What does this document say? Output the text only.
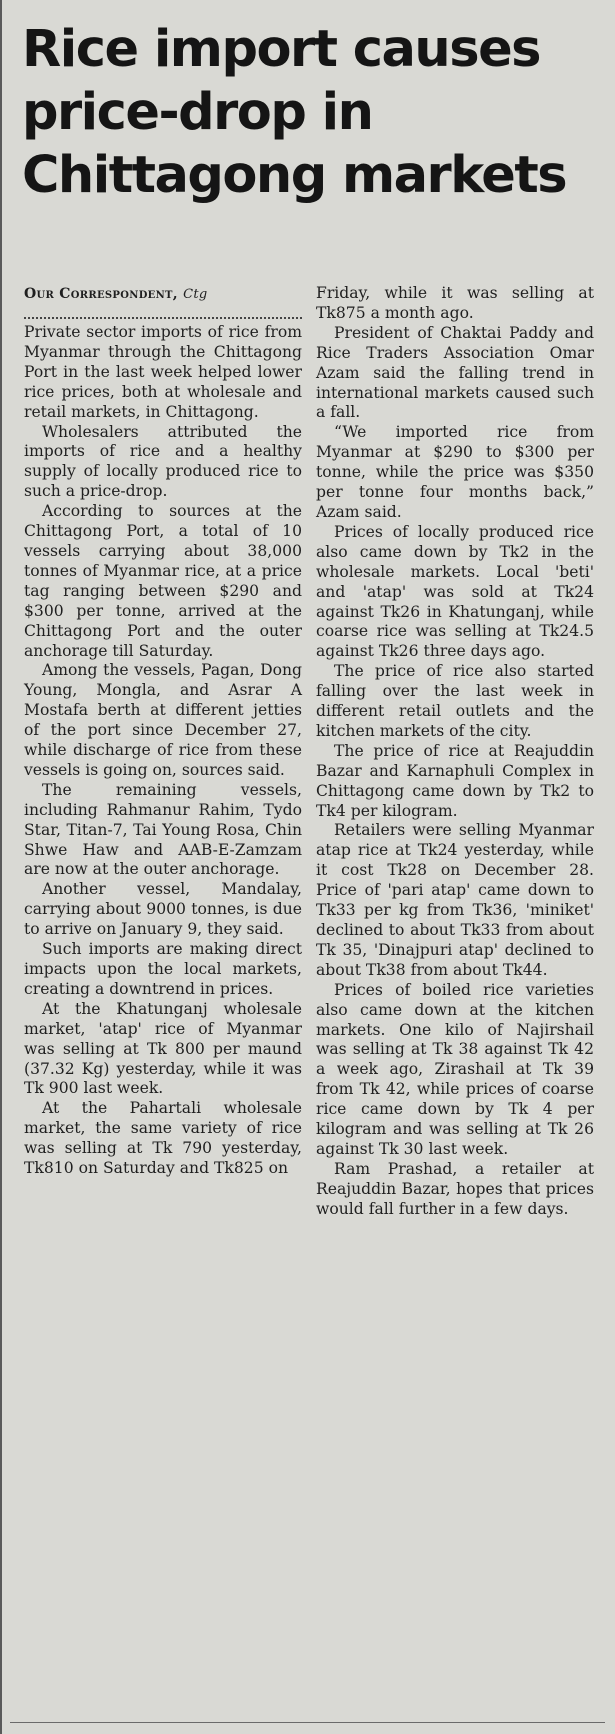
Rice import causes
price-drop in
Chittagong markets

Our Correspondent, Ctg

Private sector imports of rice from Myanmar through the Chittagong Port in the last week helped lower rice prices, both at wholesale and retail markets, in Chittagong.

Wholesalers attributed the imports of rice and a healthy supply of locally produced rice to such a price-drop.

According to sources at the Chittagong Port, a total of 10 vessels carrying about 38,000 tonnes of Myanmar rice, at a price tag ranging between $290 and $300 per tonne, arrived at the Chittagong Port and the outer anchorage till Saturday.

Among the vessels, Pagan, Dong Young, Mongla, and Asrar A Mostafa berth at different jetties of the port since December 27, while discharge of rice from these vessels is going on, sources said.

The remaining vessels, including Rahmanur Rahim, Tydo Star, Titan-7, Tai Young Rosa, Chin Shwe Haw and AAB-E-Zamzam are now at the outer anchorage.

Another vessel, Mandalay, carrying about 9000 tonnes, is due to arrive on January 9, they said.

Such imports are making direct impacts upon the local markets, creating a downtrend in prices.

At the Khatunganj wholesale market, 'atap' rice of Myanmar was selling at Tk 800 per maund (37.32 Kg) yesterday, while it was Tk 900 last week.

At the Pahartali wholesale market, the same variety of rice was selling at Tk 790 yesterday, Tk810 on Saturday and Tk825 on

Friday, while it was selling at Tk875 a month ago.

President of Chaktai Paddy and Rice Traders Association Omar Azam said the falling trend in international markets caused such a fall.

“We imported rice from Myanmar at $290 to $300 per tonne, while the price was $350 per tonne four months back,” Azam said.

Prices of locally produced rice also came down by Tk2 in the wholesale markets. Local 'beti' and 'atap' was sold at Tk24 against Tk26 in Khatunganj, while coarse rice was selling at Tk24.5 against Tk26 three days ago.

The price of rice also started falling over the last week in different retail outlets and the kitchen markets of the city.

The price of rice at Reajuddin Bazar and Karnaphuli Complex in Chittagong came down by Tk2 to Tk4 per kilogram.

Retailers were selling Myanmar atap rice at Tk24 yesterday, while it cost Tk28 on December 28. Price of 'pari atap' came down to Tk33 per kg from Tk36, 'miniket' declined to about Tk33 from about Tk 35, 'Dinajpuri atap' declined to about Tk38 from about Tk44.

Prices of boiled rice varieties also came down at the kitchen markets. One kilo of Najirshail was selling at Tk 38 against Tk 42 a week ago, Zirashail at Tk 39 from Tk 42, while prices of coarse rice came down by Tk 4 per kilogram and was selling at Tk 26 against Tk 30 last week.

Ram Prashad, a retailer at Reajuddin Bazar, hopes that prices would fall further in a few days.
